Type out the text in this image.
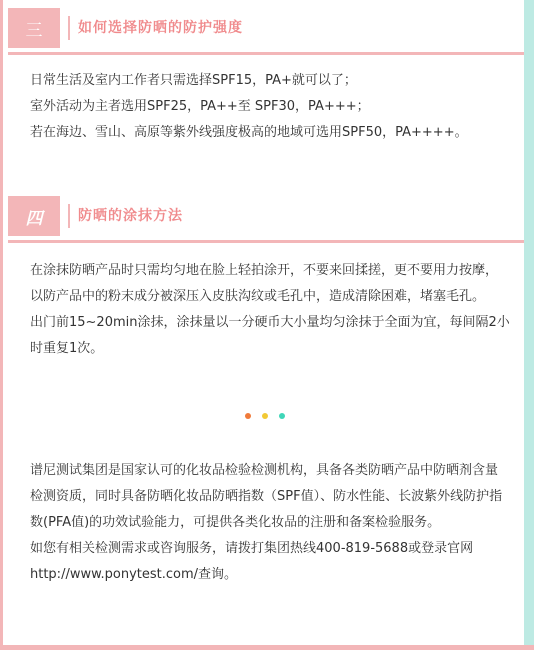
三	如何选择防晒的防护强度

日常生活及室内工作者只需选择SPF15，PA+就可以了；

室外活动为主者选用SPF25，PA++至 SPF30，PA+++；

若在海边、雪山、高原等紫外线强度极高的地域可选用SPF50，PA++++。

四	防晒的涂抹方法

在涂抹防晒产品时只需均匀地在脸上轻拍涂开，不要来回揉搓，更不要用力按摩，以防产品中的粉末成分被深压入皮肤沟纹或毛孔中，造成清除困难，堵塞毛孔。

出门前15~20min涂抹，涂抹量以一分硬币大小量均匀涂抹于全面为宜，每间隔2小时重复1次。

谱尼测试集团是国家认可的化妆品检验检测机构，具备各类防晒产品中防晒剂含量检测资质，同时具备防晒化妆品防晒指数（SPF值）、防水性能、长波紫外线防护指数(PFA值)的功效试验能力，可提供各类化妆品的注册和备案检验服务。

如您有相关检测需求或咨询服务，请拨打集团热线400-819-5688或登录官网http://www.ponytest.com/查询。
